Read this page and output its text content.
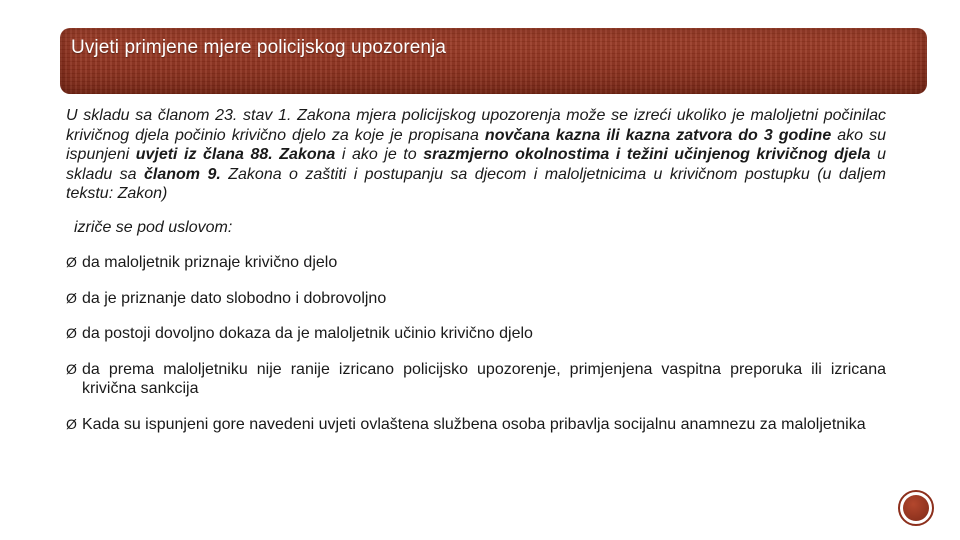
Uvjeti primjene mjere policijskog upozorenja

U skladu sa članom 23. stav 1. Zakona mjera policijskog upozorenja može se izreći ukoliko je maloljetni počinilac krivičnog djela počinio krivično djelo za koje je propisana novčana kazna ili kazna zatvora do 3 godine ako su ispunjeni uvjeti iz člana 88. Zakona i ako je to srazmjerno okolnostima i težini učinjenog krivičnog djela u skladu sa članom 9. Zakona o zaštiti i postupanju sa djecom i maloljetnicima u krivičnom postupku (u daljem tekstu: Zakon)

izriče se pod uslovom:

Ø da maloljetnik priznaje krivično djelo
Ø da je priznanje dato slobodno i dobrovoljno
Ø da postoji dovoljno dokaza da je maloljetnik učinio krivično djelo
Ø da prema maloljetniku nije ranije izricano policijsko upozorenje, primjenjena vaspitna preporuka ili izricana krivična sankcija
Ø Kada su ispunjeni gore navedeni uvjeti ovlaštena službena osoba pribavlja socijalnu anamnezu za maloljetnika
